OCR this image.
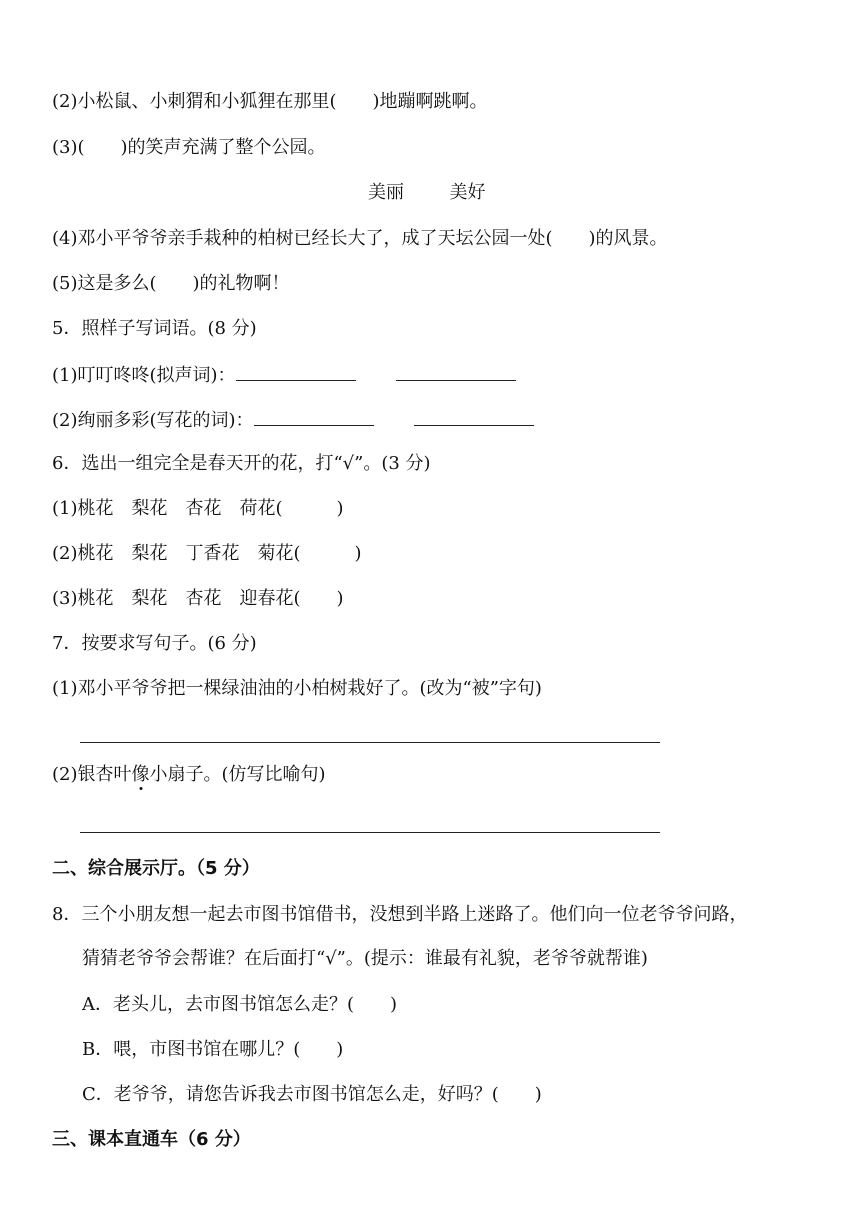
(2)小松鼠、小刺猬和小狐狸在那里(　　)地蹦啊跳啊。
(3)(　　)的笑声充满了整个公园。
美丽	美好
(4)邓小平爷爷亲手栽种的柏树已经长大了，成了天坛公园一处(　　)的风景。
(5)这是多么(　　)的礼物啊！
5．照样子写词语。(8 分)
(1)叮叮咚咚(拟声词)：
(2)绚丽多彩(写花的词)：
6．选出一组完全是春天开的花，打“√”。(3 分)
(1)桃花　梨花　杏花　荷花(　　　)
(2)桃花　梨花　丁香花　菊花(　　　)
(3)桃花　梨花　杏花　迎春花(　　)
7．按要求写句子。(6 分)
(1)邓小平爷爷把一棵绿油油的小柏树栽好了。(改为“被”字句)
(2)银杏叶像小扇子。(仿写比喻句)
二、综合展示厅。（5 分）
8．三个小朋友想一起去市图书馆借书，没想到半路上迷路了。他们向一位老爷爷问路，
猜猜老爷爷会帮谁？在后面打“√”。(提示：谁最有礼貌，老爷爷就帮谁)
A．老头儿，去市图书馆怎么走？(　　)
B．喂，市图书馆在哪儿？(　　)
C．老爷爷，请您告诉我去市图书馆怎么走，好吗？(　　)
三、课本直通车（6 分）
